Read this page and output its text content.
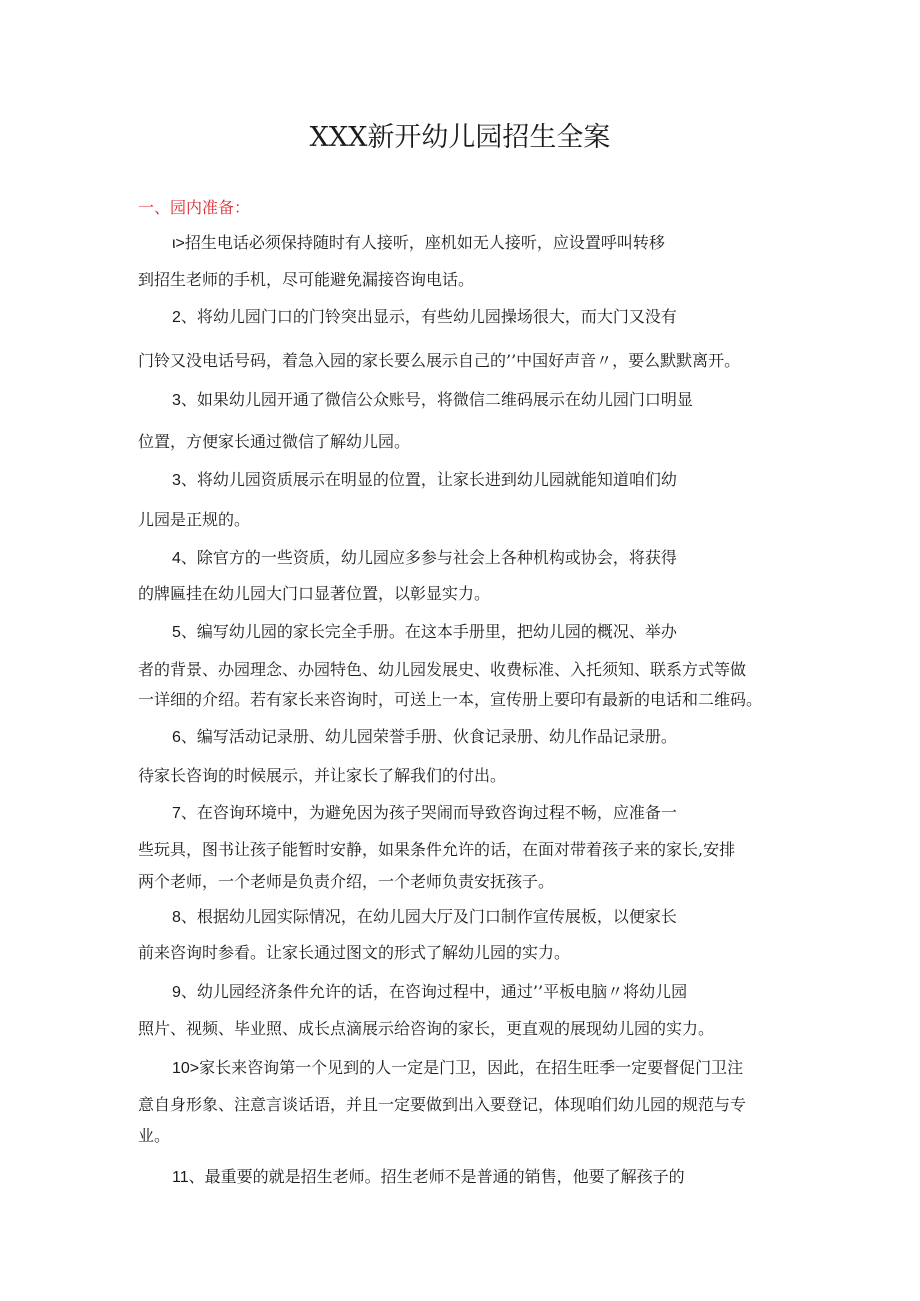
XXX新开幼儿园招生全案
一、园内准备：
ι>招生电话必须保持随时有人接听，座机如无人接听，应设置呼叫转移
到招生老师的手机，尽可能避免漏接咨询电话。
2、将幼儿园门口的门铃突出显示，有些幼儿园操场很大，而大门又没有
门铃又没电话号码，着急入园的家长要么展示自己的’’中国好声音〃，要么默默离开。
3、如果幼儿园开通了微信公众账号，将微信二维码展示在幼儿园门口明显
位置，方便家长通过微信了解幼儿园。
3、将幼儿园资质展示在明显的位置，让家长进到幼儿园就能知道咱们幼
儿园是正规的。
4、除官方的一些资质，幼儿园应多参与社会上各种机构或协会，将获得
的牌匾挂在幼儿园大门口显著位置，以彰显实力。
5、编写幼儿园的家长完全手册。在这本手册里，把幼儿园的概况、举办
者的背景、办园理念、办园特色、幼儿园发展史、收费标准、入托须知、联系方式等做
一详细的介绍。若有家长来咨询时，可送上一本，宣传册上要印有最新的电话和二维码。
6、编写活动记录册、幼儿园荣誉手册、伙食记录册、幼儿作品记录册。
待家长咨询的时候展示，并让家长了解我们的付出。
7、在咨询环境中，为避免因为孩子哭闹而导致咨询过程不畅，应准备一
些玩具，图书让孩子能暂时安静，如果条件允许的话，在面对带着孩子来的家长,安排
两个老师，一个老师是负责介绍，一个老师负责安抚孩子。
8、根据幼儿园实际情况，在幼儿园大厅及门口制作宣传展板，以便家长
前来咨询时参看。让家长通过图文的形式了解幼儿园的实力。
9、幼儿园经济条件允许的话，在咨询过程中，通过’’平板电脑〃将幼儿园
照片、视频、毕业照、成长点滴展示给咨询的家长，更直观的展现幼儿园的实力。
10>家长来咨询第一个见到的人一定是门卫，因此，在招生旺季一定要督促门卫注
意自身形象、注意言谈话语，并且一定要做到出入要登记，体现咱们幼儿园的规范与专
业。
11、最重要的就是招生老师。招生老师不是普通的销售，他要了解孩子的
